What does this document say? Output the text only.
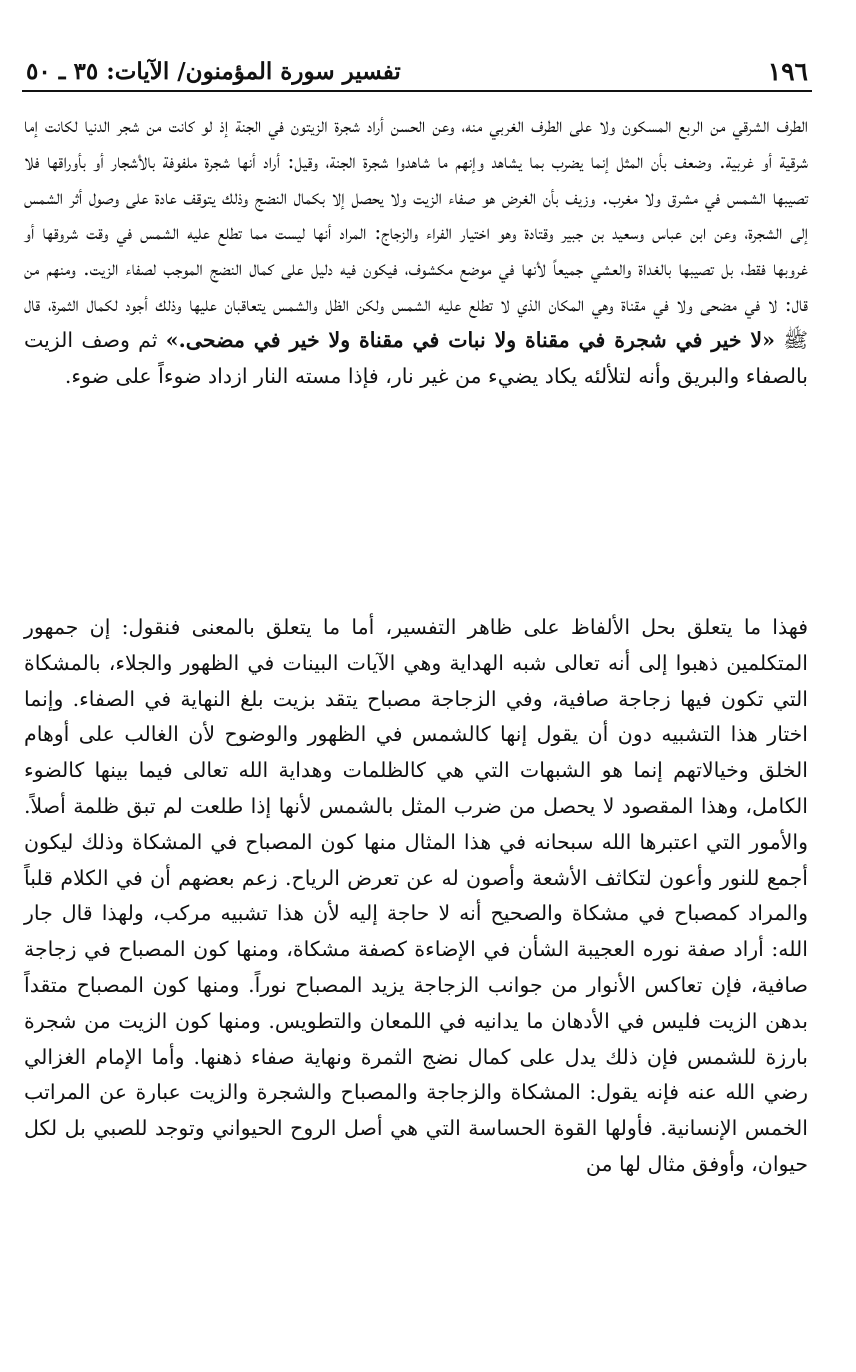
١٩٦
تفسير سورة المؤمنون/ الآيات: ٣٥ ـ ٥٠

الطرف الشرقي من الربع المسكون ولا على الطرف الغربي منه، وعن الحسن أراد شجرة الزيتون في الجنة إذ لو كانت من شجر الدنيا لكانت إما شرقية أو غربية. وضعف بأن المثل إنما يضرب بما يشاهد وإنهم ما شاهدوا شجرة الجنة، وقيل: أراد أنها شجرة ملفوفة بالأشجار أو بأوراقها فلا تصيبها الشمس في مشرق ولا مغرب. وزيف بأن الغرض هو صفاء الزيت ولا يحصل إلا بكمال النضج وذلك يتوقف عادة على وصول أثر الشمس إلى الشجرة، وعن ابن عباس وسعيد بن جبير وقتادة وهو اختيار الفراء والزجاج: المراد أنها ليست مما تطلع عليه الشمس في وقت شروقها أو غروبها فقط، بل تصيبها بالغداة والعشي جميعاً لأنها في موضع مكشوف، فيكون فيه دليل على كمال النضج الموجب لصفاء الزيت. ومنهم من قال: لا في مضحى ولا في مقناة وهي المكان الذي لا تطلع عليه الشمس ولكن الظل والشمس يتعاقبان عليها وذلك أجود لكمال الثمرة، قال ﷺ «لا خير في شجرة في مقناة ولا نبات في مقناة ولا خير في مضحى.» ثم وصف الزيت بالصفاء والبريق وأنه لتلألئه يكاد يضيء من غير نار، فإذا مسته النار ازداد ضوءاً على ضوء.

فهذا ما يتعلق بحل الألفاظ على ظاهر التفسير، أما ما يتعلق بالمعنى فنقول: إن جمهور المتكلمين ذهبوا إلى أنه تعالى شبه الهداية وهي الآيات البينات في الظهور والجلاء، بالمشكاة التي تكون فيها زجاجة صافية، وفي الزجاجة مصباح يتقد بزيت بلغ النهاية في الصفاء. وإنما اختار هذا التشبيه دون أن يقول إنها كالشمس في الظهور والوضوح لأن الغالب على أوهام الخلق وخيالاتهم إنما هو الشبهات التي هي كالظلمات وهداية الله تعالى فيما بينها كالضوء الكامل، وهذا المقصود لا يحصل من ضرب المثل بالشمس لأنها إذا طلعت لم تبق ظلمة أصلاً. والأمور التي اعتبرها الله سبحانه في هذا المثال منها كون المصباح في المشكاة وذلك ليكون أجمع للنور وأعون لتكاثف الأشعة وأصون له عن تعرض الرياح. زعم بعضهم أن في الكلام قلباً والمراد كمصباح في مشكاة والصحيح أنه لا حاجة إليه لأن هذا تشبيه مركب، ولهذا قال جار الله: أراد صفة نوره العجيبة الشأن في الإضاءة كصفة مشكاة، ومنها كون المصباح في زجاجة صافية، فإن تعاكس الأنوار من جوانب الزجاجة يزيد المصباح نوراً. ومنها كون المصباح متقداً بدهن الزيت فليس في الأدهان ما يدانيه في اللمعان والتطويس. ومنها كون الزيت من شجرة بارزة للشمس فإن ذلك يدل على كمال نضج الثمرة ونهاية صفاء ذهنها. وأما الإمام الغزالي رضي الله عنه فإنه يقول: المشكاة والزجاجة والمصباح والشجرة والزيت عبارة عن المراتب الخمس الإنسانية. فأولها القوة الحساسة التي هي أصل الروح الحيواني وتوجد للصبي بل لكل حيوان، وأوفق مثال لها من
